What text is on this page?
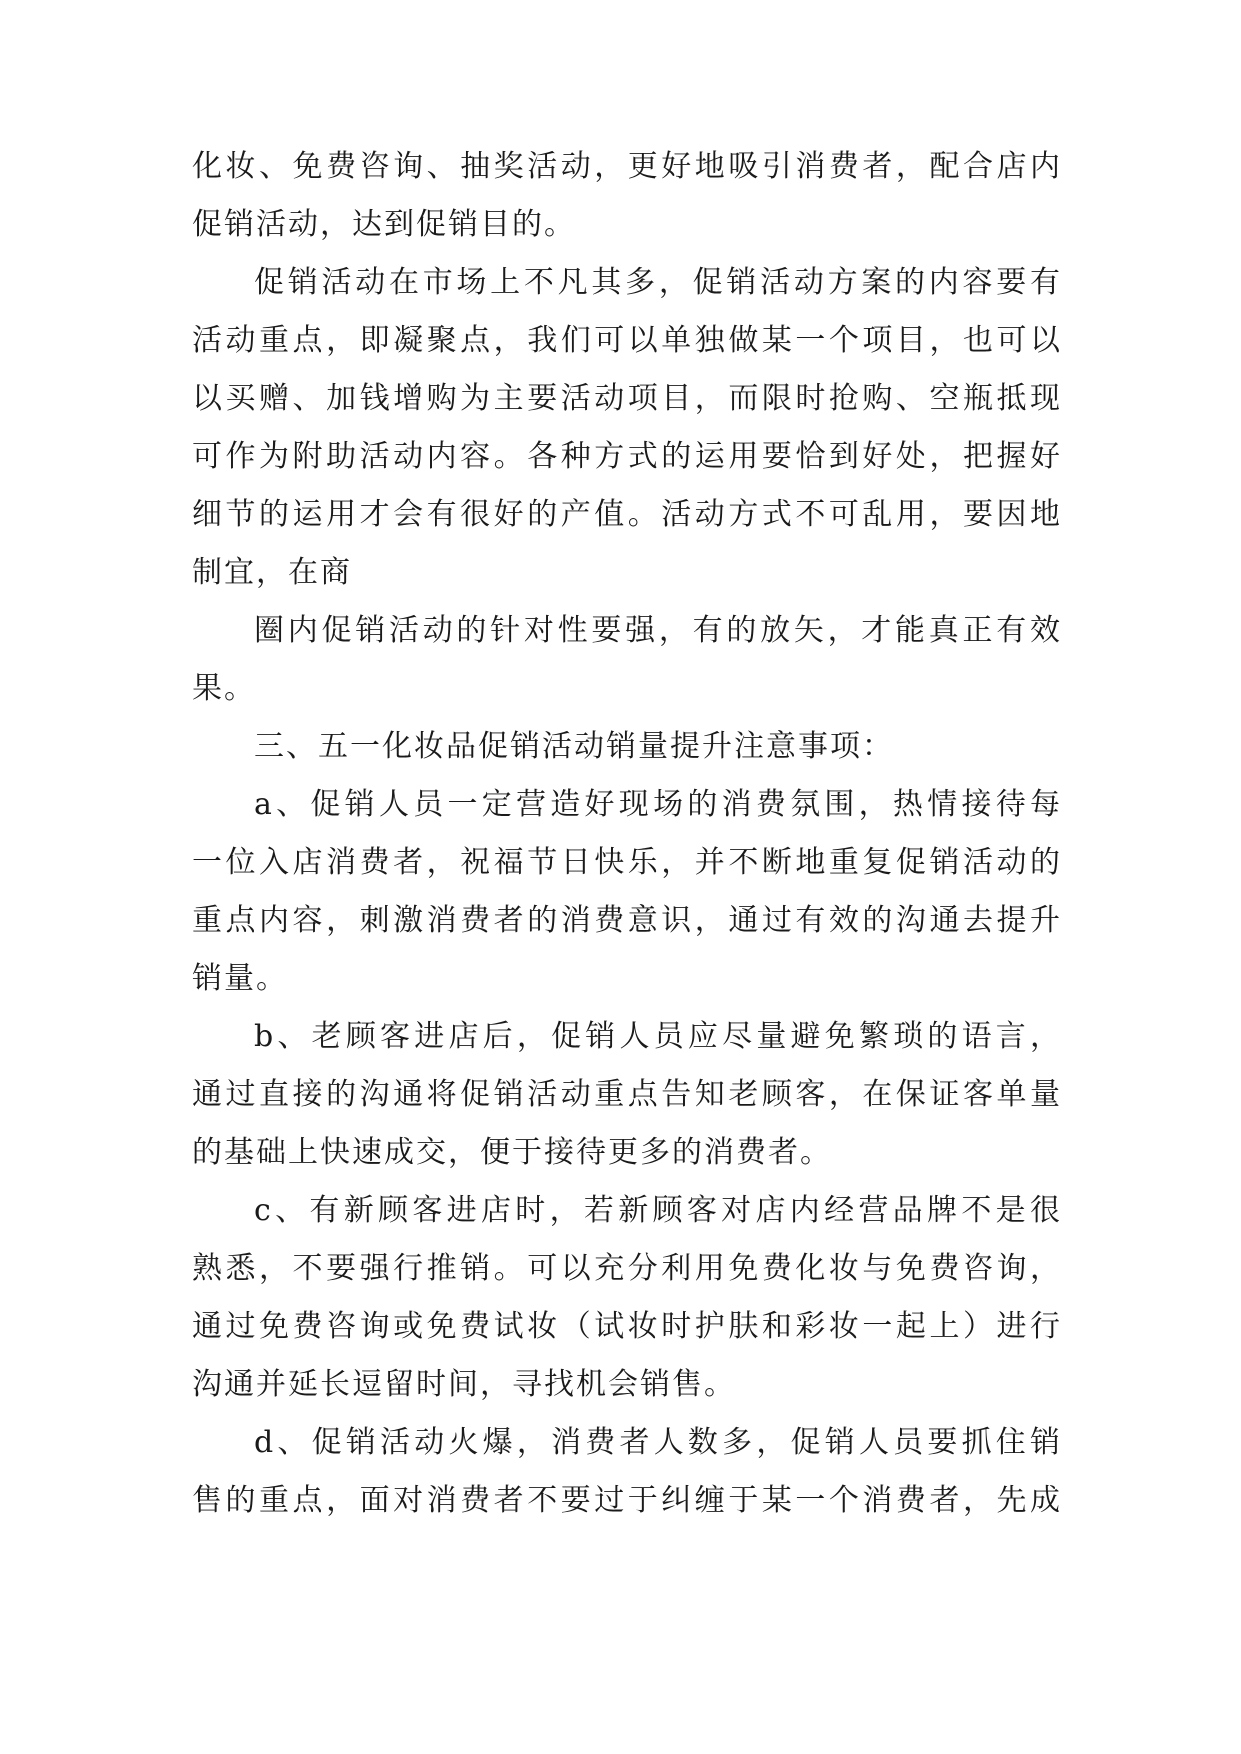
化妆、免费咨询、抽奖活动，更好地吸引消费者，配合店内
促销活动，达到促销目的。
促销活动在市场上不凡其多，促销活动方案的内容要有
活动重点，即凝聚点，我们可以单独做某一个项目，也可以
以买赠、加钱增购为主要活动项目，而限时抢购、空瓶抵现
可作为附助活动内容。各种方式的运用要恰到好处，把握好
细节的运用才会有很好的产值。活动方式不可乱用，要因地
制宜，在商
圈内促销活动的针对性要强，有的放矢，才能真正有效
果。
三、五一化妆品促销活动销量提升注意事项：
a、促销人员一定营造好现场的消费氛围，热情接待每
一位入店消费者，祝福节日快乐，并不断地重复促销活动的
重点内容，刺激消费者的消费意识，通过有效的沟通去提升
销量。
b、老顾客进店后，促销人员应尽量避免繁琐的语言，
通过直接的沟通将促销活动重点告知老顾客，在保证客单量
的基础上快速成交，便于接待更多的消费者。
c、有新顾客进店时，若新顾客对店内经营品牌不是很
熟悉，不要强行推销。可以充分利用免费化妆与免费咨询，
通过免费咨询或免费试妆（试妆时护肤和彩妆一起上）进行
沟通并延长逗留时间，寻找机会销售。
d、促销活动火爆，消费者人数多，促销人员要抓住销
售的重点，面对消费者不要过于纠缠于某一个消费者，先成
